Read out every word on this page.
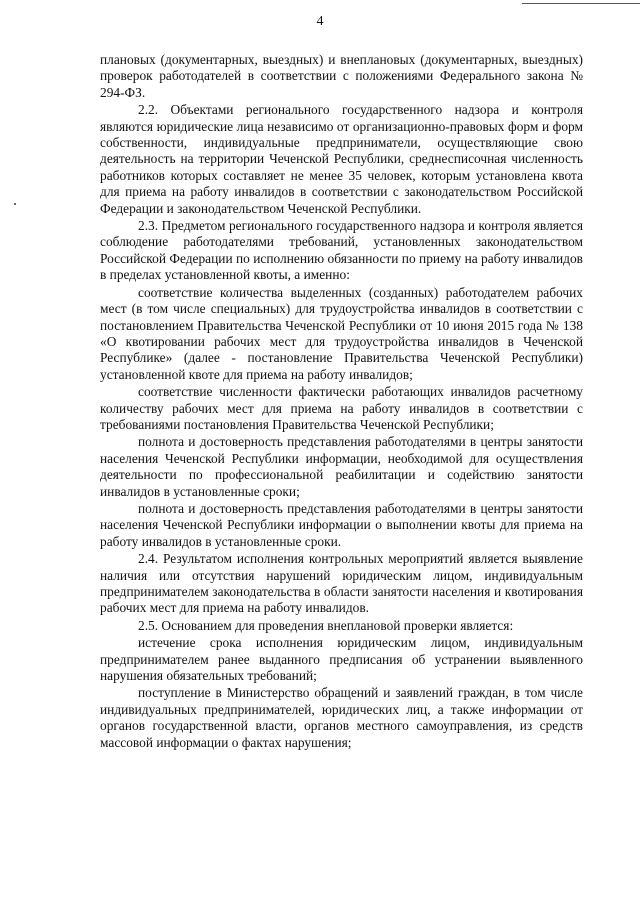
4

плановых (документарных, выездных) и внеплановых (документарных, выездных) проверок работодателей в соответствии с положениями Федерального закона № 294-ФЗ.

2.2. Объектами регионального государственного надзора и контроля являются юридические лица независимо от организационно-правовых форм и форм собственности, индивидуальные предприниматели, осуществляющие свою деятельность на территории Чеченской Республики, среднесписочная численность работников которых составляет не менее 35 человек, которым установлена квота для приема на работу инвалидов в соответствии с законодательством Российской Федерации и законодательством Чеченской Республики.

2.3. Предметом регионального государственного надзора и контроля является соблюдение работодателями требований, установленных законодательством Российской Федерации по исполнению обязанности по приему на работу инвалидов в пределах установленной квоты, а именно:

соответствие количества выделенных (созданных) работодателем рабочих мест (в том числе специальных) для трудоустройства инвалидов в соответствии с постановлением Правительства Чеченской Республики от 10 июня 2015 года № 138 «О квотировании рабочих мест для трудоустройства инвалидов в Чеченской Республике» (далее - постановление Правительства Чеченской Республики) установленной квоте для приема на работу инвалидов;

соответствие численности фактически работающих инвалидов расчетному количеству рабочих мест для приема на работу инвалидов в соответствии с требованиями постановления Правительства Чеченской Республики;

полнота и достоверность представления работодателями в центры занятости населения Чеченской Республики информации, необходимой для осуществления деятельности по профессиональной реабилитации и содействию занятости инвалидов в установленные сроки;

полнота и достоверность представления работодателями в центры занятости населения Чеченской Республики информации о выполнении квоты для приема на работу инвалидов в установленные сроки.

2.4. Результатом исполнения контрольных мероприятий является выявление наличия или отсутствия нарушений юридическим лицом, индивидуальным предпринимателем законодательства в области занятости населения и квотирования рабочих мест для приема на работу инвалидов.

2.5. Основанием для проведения внеплановой проверки является:

истечение срока исполнения юридическим лицом, индивидуальным предпринимателем ранее выданного предписания об устранении выявленного нарушения обязательных требований;

поступление в Министерство обращений и заявлений граждан, в том числе индивидуальных предпринимателей, юридических лиц, а также информации от органов государственной власти, органов местного самоуправления, из средств массовой информации о фактах нарушения;
